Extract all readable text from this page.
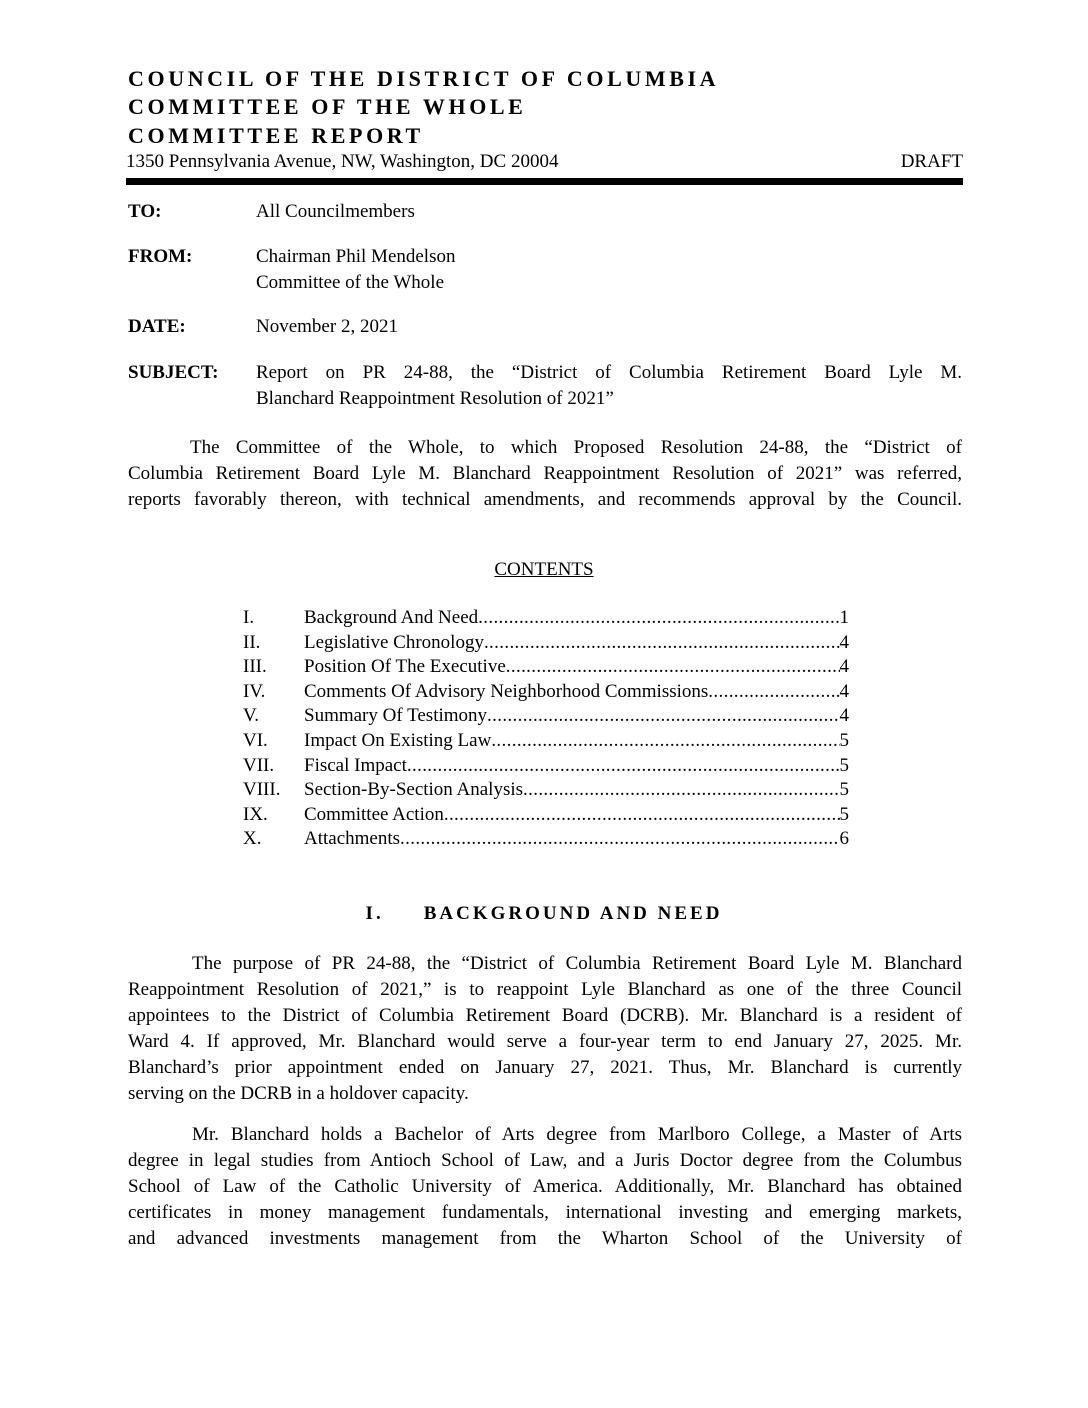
COUNCIL OF THE DISTRICT OF COLUMBIA
COMMITTEE OF THE WHOLE
COMMITTEE REPORT
1350 Pennsylvania Avenue, NW, Washington, DC 20004	DRAFT
TO:	All Councilmembers
FROM:	Chairman Phil Mendelson
Committee of the Whole
DATE:	November 2, 2021
SUBJECT: Report on PR 24-88, the “District of Columbia Retirement Board Lyle M.
Blanchard Reappointment Resolution of 2021”
The Committee of the Whole, to which Proposed Resolution 24-88, the “District of
Columbia Retirement Board Lyle M. Blanchard Reappointment Resolution of 2021” was referred,
reports favorably thereon, with technical amendments, and recommends approval by the Council.
CONTENTS
I.	Background And Need . . .	1
II.	Legislative Chronology . . .	4
III.	Position Of The Executive . . .	4
IV.	Comments Of Advisory Neighborhood Commissions . . .	4
V.	Summary Of Testimony . . .	4
VI.	Impact On Existing Law . . .	5
VII.	Fiscal Impact . . .	5
VIII.	Section-By-Section Analysis . . .	5
IX.	Committee Action . . .	5
X.	Attachments . . .	6
I. BACKGROUND AND NEED
The purpose of PR 24-88, the “District of Columbia Retirement Board Lyle M. Blanchard
Reappointment Resolution of 2021,” is to reappoint Lyle Blanchard as one of the three Council
appointees to the District of Columbia Retirement Board (DCRB). Mr. Blanchard is a resident of
Ward 4. If approved, Mr. Blanchard would serve a four-year term to end January 27, 2025. Mr.
Blanchard’s prior appointment ended on January 27, 2021. Thus, Mr. Blanchard is currently
serving on the DCRB in a holdover capacity.
Mr. Blanchard holds a Bachelor of Arts degree from Marlboro College, a Master of Arts
degree in legal studies from Antioch School of Law, and a Juris Doctor degree from the Columbus
School of Law of the Catholic University of America. Additionally, Mr. Blanchard has obtained
certificates in money management fundamentals, international investing and emerging markets,
and advanced investments management from the Wharton School of the University of
